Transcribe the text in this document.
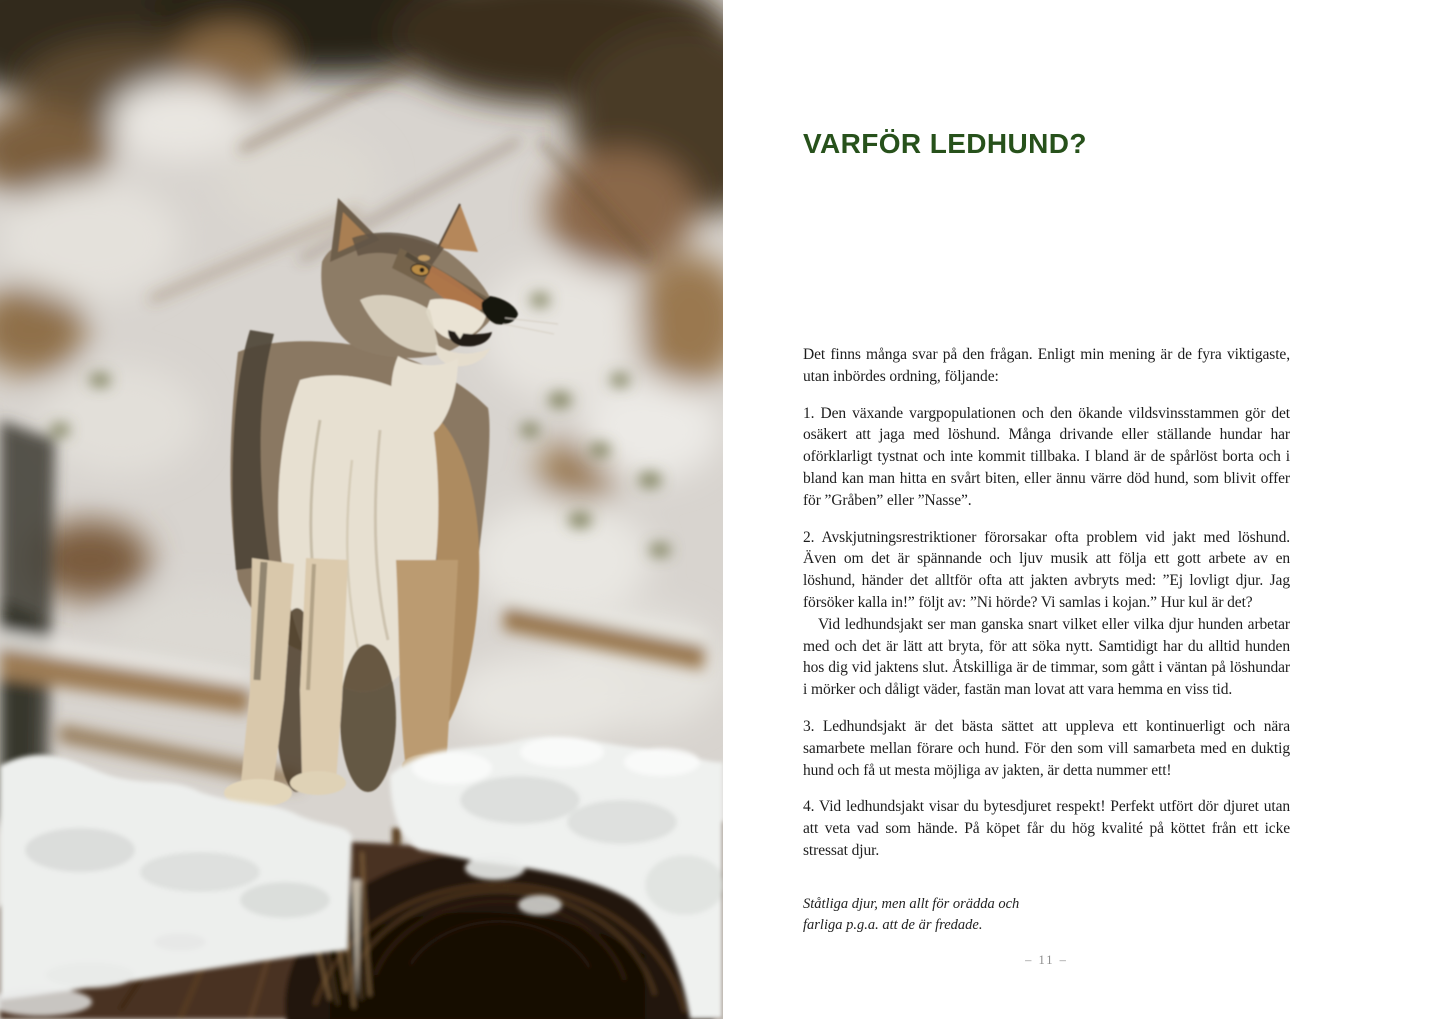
VARFÖR LEDHUND?

Det finns många svar på den frågan. Enligt min mening är de fyra viktigaste, utan inbördes ordning, följande:

1. Den växande vargpopulationen och den ökande vildsvinsstammen gör det osäkert att jaga med löshund. Många drivande eller ställande hundar har oförklarligt tystnat och inte kommit tillbaka. I bland är de spårlöst borta och i bland kan man hitta en svårt biten, eller ännu värre död hund, som blivit offer för ”Gråben” eller ”Nasse”.

2. Avskjutningsrestriktioner förorsakar ofta problem vid jakt med löshund. Även om det är spännande och ljuv musik att följa ett gott arbete av en löshund, händer det alltför ofta att jakten avbryts med: ”Ej lovligt djur. Jag försöker kalla in!” följt av: ”Ni hörde? Vi samlas i kojan.” Hur kul är det?

Vid ledhundsjakt ser man ganska snart vilket eller vilka djur hunden arbetar med och det är lätt att bryta, för att söka nytt. Samtidigt har du alltid hunden hos dig vid jaktens slut. Åtskilliga är de timmar, som gått i väntan på löshundar i mörker och dåligt väder, fastän man lovat att vara hemma en viss tid.

3. Ledhundsjakt är det bästa sättet att uppleva ett kontinuerligt och nära samarbete mellan förare och hund. För den som vill samarbeta med en duktig hund och få ut mesta möjliga av jakten, är detta nummer ett!

4. Vid ledhundsjakt visar du bytesdjuret respekt! Perfekt utfört dör djuret utan att veta vad som hände. På köpet får du hög kvalité på köttet från ett icke stressat djur.

Ståtliga djur, men allt för orädda och farliga p.g.a. att de är fredade.
– 11 –
